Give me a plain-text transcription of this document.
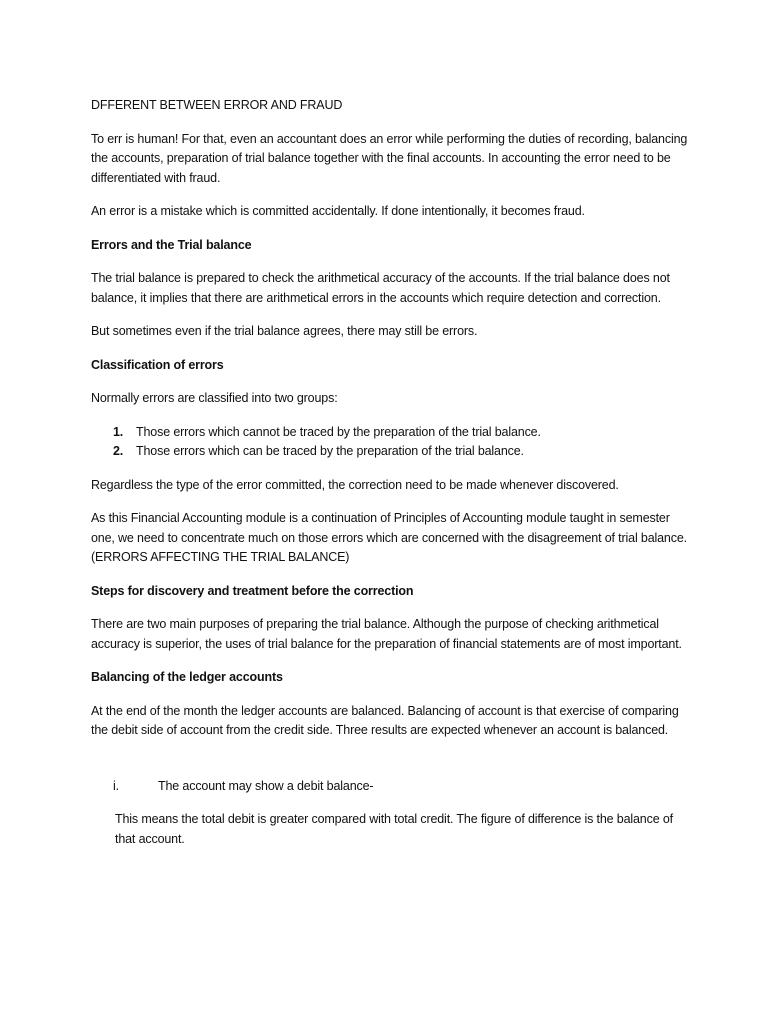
DFFERENT BETWEEN ERROR AND FRAUD

To err is human! For that, even an accountant does an error while performing the duties of recording, balancing the accounts, preparation of trial balance together with the final accounts. In accounting the error need to be differentiated with fraud.

An error is a mistake which is committed accidentally. If done intentionally, it becomes fraud.

Errors and the Trial balance

The trial balance is prepared to check the arithmetical accuracy of the accounts. If the trial balance does not balance, it implies that there are arithmetical errors in the accounts which require detection and correction.

But sometimes even if the trial balance agrees, there may still be errors.

Classification of errors

Normally errors are classified into two groups:

1. Those errors which cannot be traced by the preparation of the trial balance.
2. Those errors which can be traced by the preparation of the trial balance.

Regardless the type of the error committed, the correction need to be made whenever discovered.

As this Financial Accounting module is a continuation of Principles of Accounting module taught in semester one, we need to concentrate much on those errors which are concerned with the disagreement of trial balance. (ERRORS AFFECTING THE TRIAL BALANCE)

Steps for discovery and treatment before the correction

There are two main purposes of preparing the trial balance. Although the purpose of checking arithmetical accuracy is superior, the uses of trial balance for the preparation of financial statements are of most important.

Balancing of the ledger accounts

At the end of the month the ledger accounts are balanced. Balancing of account is that exercise of comparing the debit side of account from the credit side. Three results are expected whenever an account is balanced.

i.	The account may show a debit balance-

This means the total debit is greater compared with total credit. The figure of difference is the balance of that account.
